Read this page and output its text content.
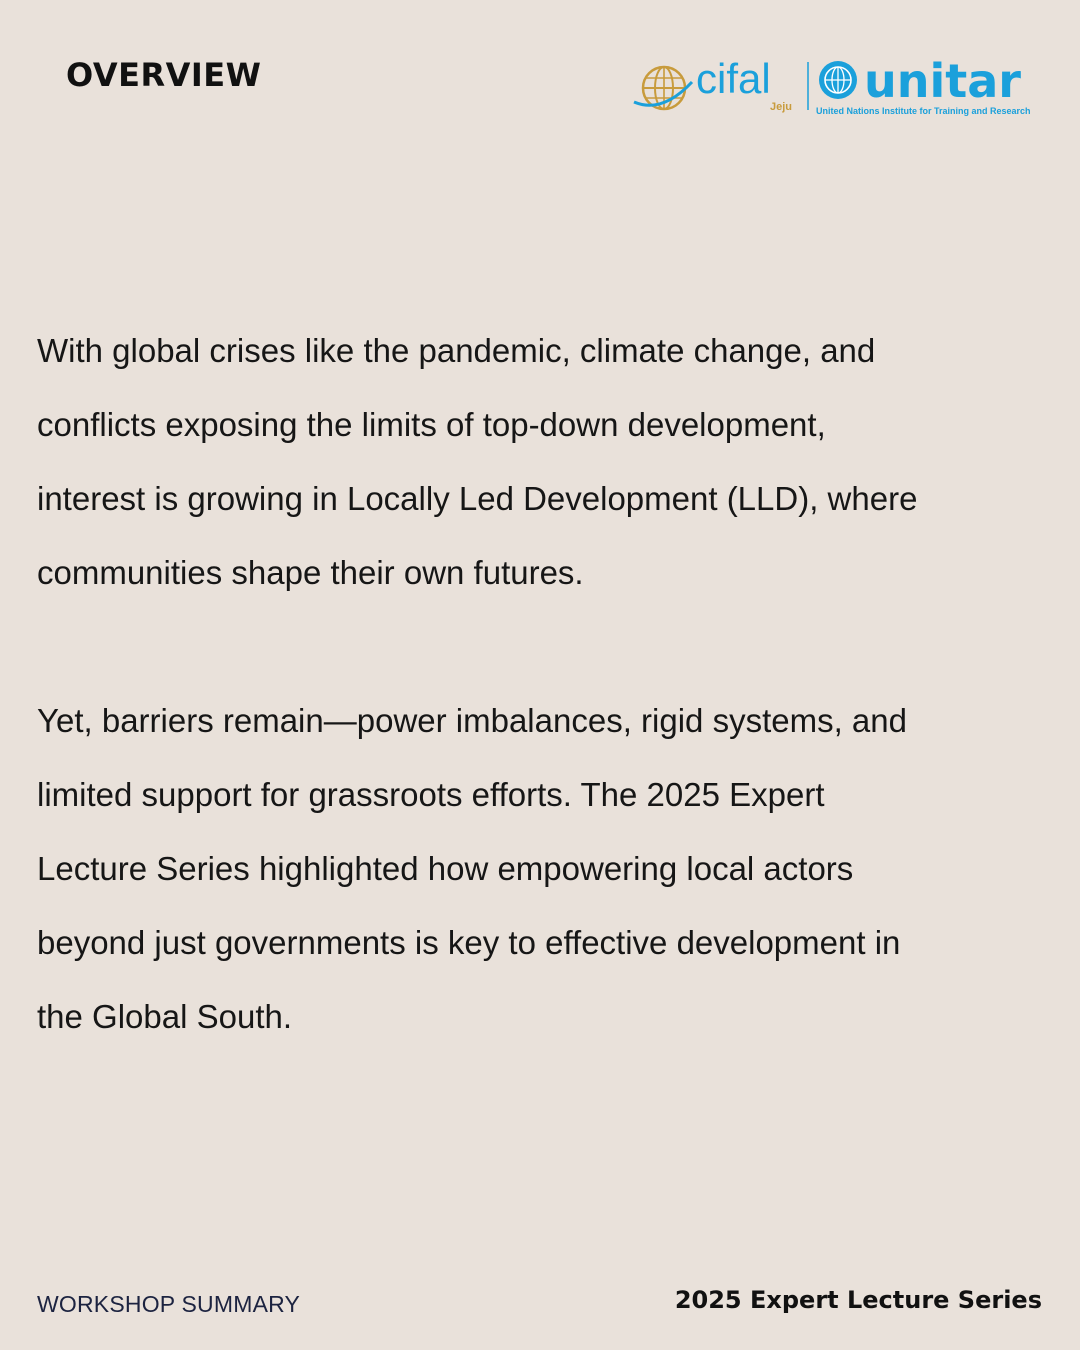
OVERVIEW	cifal
Jeju unitar
United Nations Institute for Training and Research

With global crises like the pandemic, climate change, and conflicts exposing the limits of top-down development, interest is growing in Locally Led Development (LLD), where communities shape their own futures.

Yet, barriers remain—power imbalances, rigid systems, and limited support for grassroots efforts. The 2025 Expert Lecture Series highlighted how empowering local actors beyond just governments is key to effective development in the Global South.

WORKSHOP SUMMARY	2025 Expert Lecture Series
